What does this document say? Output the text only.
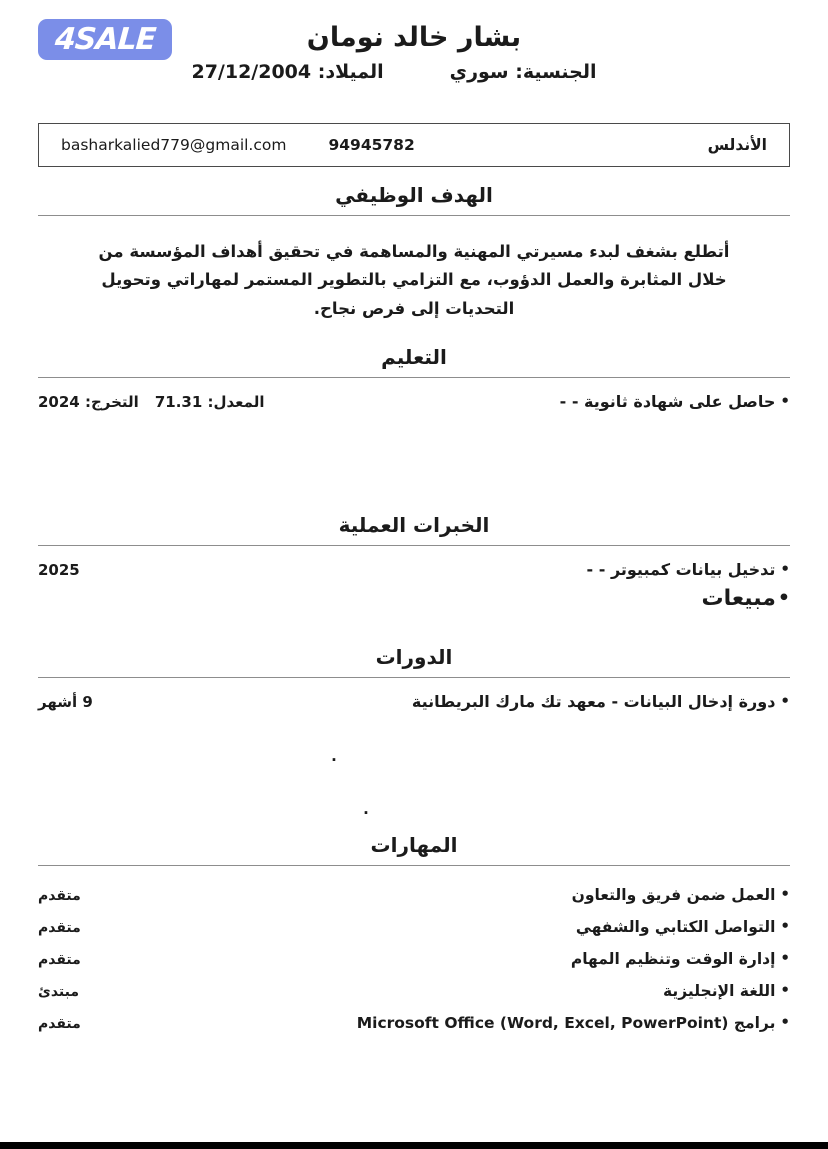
4SALE	بشار خالد نومان
الجنسية: سوري
الميلاد: 27/12/2004
الأندلس
94945782
basharkalied779@gmail.com
الهدف الوظيفي
أتطلع بشغف لبدء مسيرتي المهنية والمساهمة في تحقيق أهداف المؤسسة من خلال المثابرة والعمل الدؤوب، مع التزامي بالتطوير المستمر لمهاراتي وتحويل التحديات إلى فرص نجاح.
التعليم
• حاصل على شهادة ثانوية - -
المعدل: 71.31التخرج: 2024
الخبرات العملية
• تدخيل بيانات كمبيوتر - -
2025
• مبيعات
الدورات
• دورة إدخال البيانات - معهد تك مارك البريطانية
9 أشهر
.
.
المهارات
• العمل ضمن فريق والتعاون
متقدم
• التواصل الكتابي والشفهي
متقدم
• إدارة الوقت وتنظيم المهام
متقدم
• اللغة الإنجليزية
مبتدئ
• برامج Microsoft Office (Word, Excel, PowerPoint)
متقدم
